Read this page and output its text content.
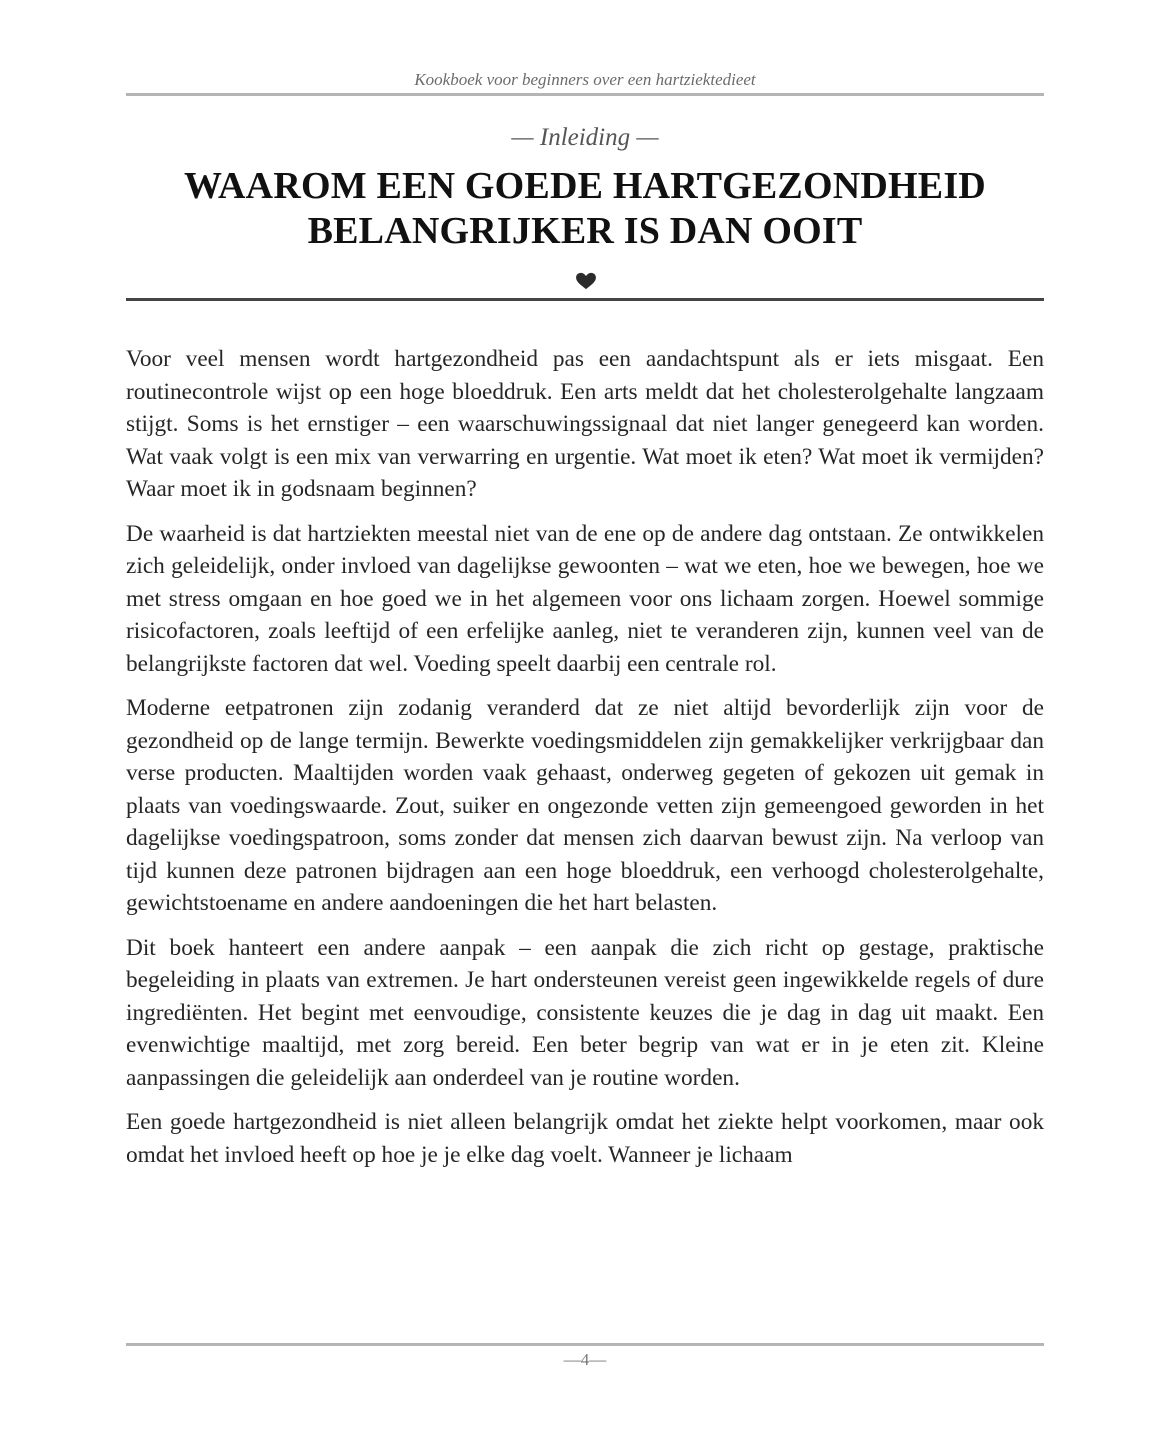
Kookboek voor beginners over een hartziektedieet
— Inleiding —
WAAROM EEN GOEDE HARTGEZONDHEID
BELANGRIJKER IS DAN OOIT

Voor veel mensen wordt hartgezondheid pas een aandachtspunt als er iets misgaat. Een routinecontrole wijst op een hoge bloeddruk. Een arts meldt dat het cholesterolgehalte langzaam stijgt. Soms is het ernstiger – een waarschuwingssignaal dat niet langer genegeerd kan worden. Wat vaak volgt is een mix van verwarring en urgentie. Wat moet ik eten? Wat moet ik vermijden? Waar moet ik in godsnaam beginnen?

De waarheid is dat hartziekten meestal niet van de ene op de andere dag ontstaan. Ze ontwikkelen zich geleidelijk, onder invloed van dagelijkse gewoonten – wat we eten, hoe we bewegen, hoe we met stress omgaan en hoe goed we in het algemeen voor ons lichaam zorgen. Hoewel sommige risicofactoren, zoals leeftijd of een erfelijke aanleg, niet te veranderen zijn, kunnen veel van de belangrijkste factoren dat wel. Voeding speelt daarbij een centrale rol.

Moderne eetpatronen zijn zodanig veranderd dat ze niet altijd bevorderlijk zijn voor de gezondheid op de lange termijn. Bewerkte voedingsmiddelen zijn gemakkelijker verkrijgbaar dan verse producten. Maaltijden worden vaak gehaast, onderweg gegeten of gekozen uit gemak in plaats van voedingswaarde. Zout, suiker en ongezonde vetten zijn gemeengoed geworden in het dagelijkse voedingspatroon, soms zonder dat mensen zich daarvan bewust zijn. Na verloop van tijd kunnen deze patronen bijdragen aan een hoge bloeddruk, een verhoogd cholesterolgehalte, gewichtstoename en andere aandoeningen die het hart belasten.

Dit boek hanteert een andere aanpak – een aanpak die zich richt op gestage, praktische begeleiding in plaats van extremen. Je hart ondersteunen vereist geen ingewikkelde regels of dure ingrediënten. Het begint met eenvoudige, consistente keuzes die je dag in dag uit maakt. Een evenwichtige maaltijd, met zorg bereid. Een beter begrip van wat er in je eten zit. Kleine aanpassingen die geleidelijk aan onderdeel van je routine worden.

Een goede hartgezondheid is niet alleen belangrijk omdat het ziekte helpt voorkomen, maar ook omdat het invloed heeft op hoe je je elke dag voelt. Wanneer je lichaam

—4—
